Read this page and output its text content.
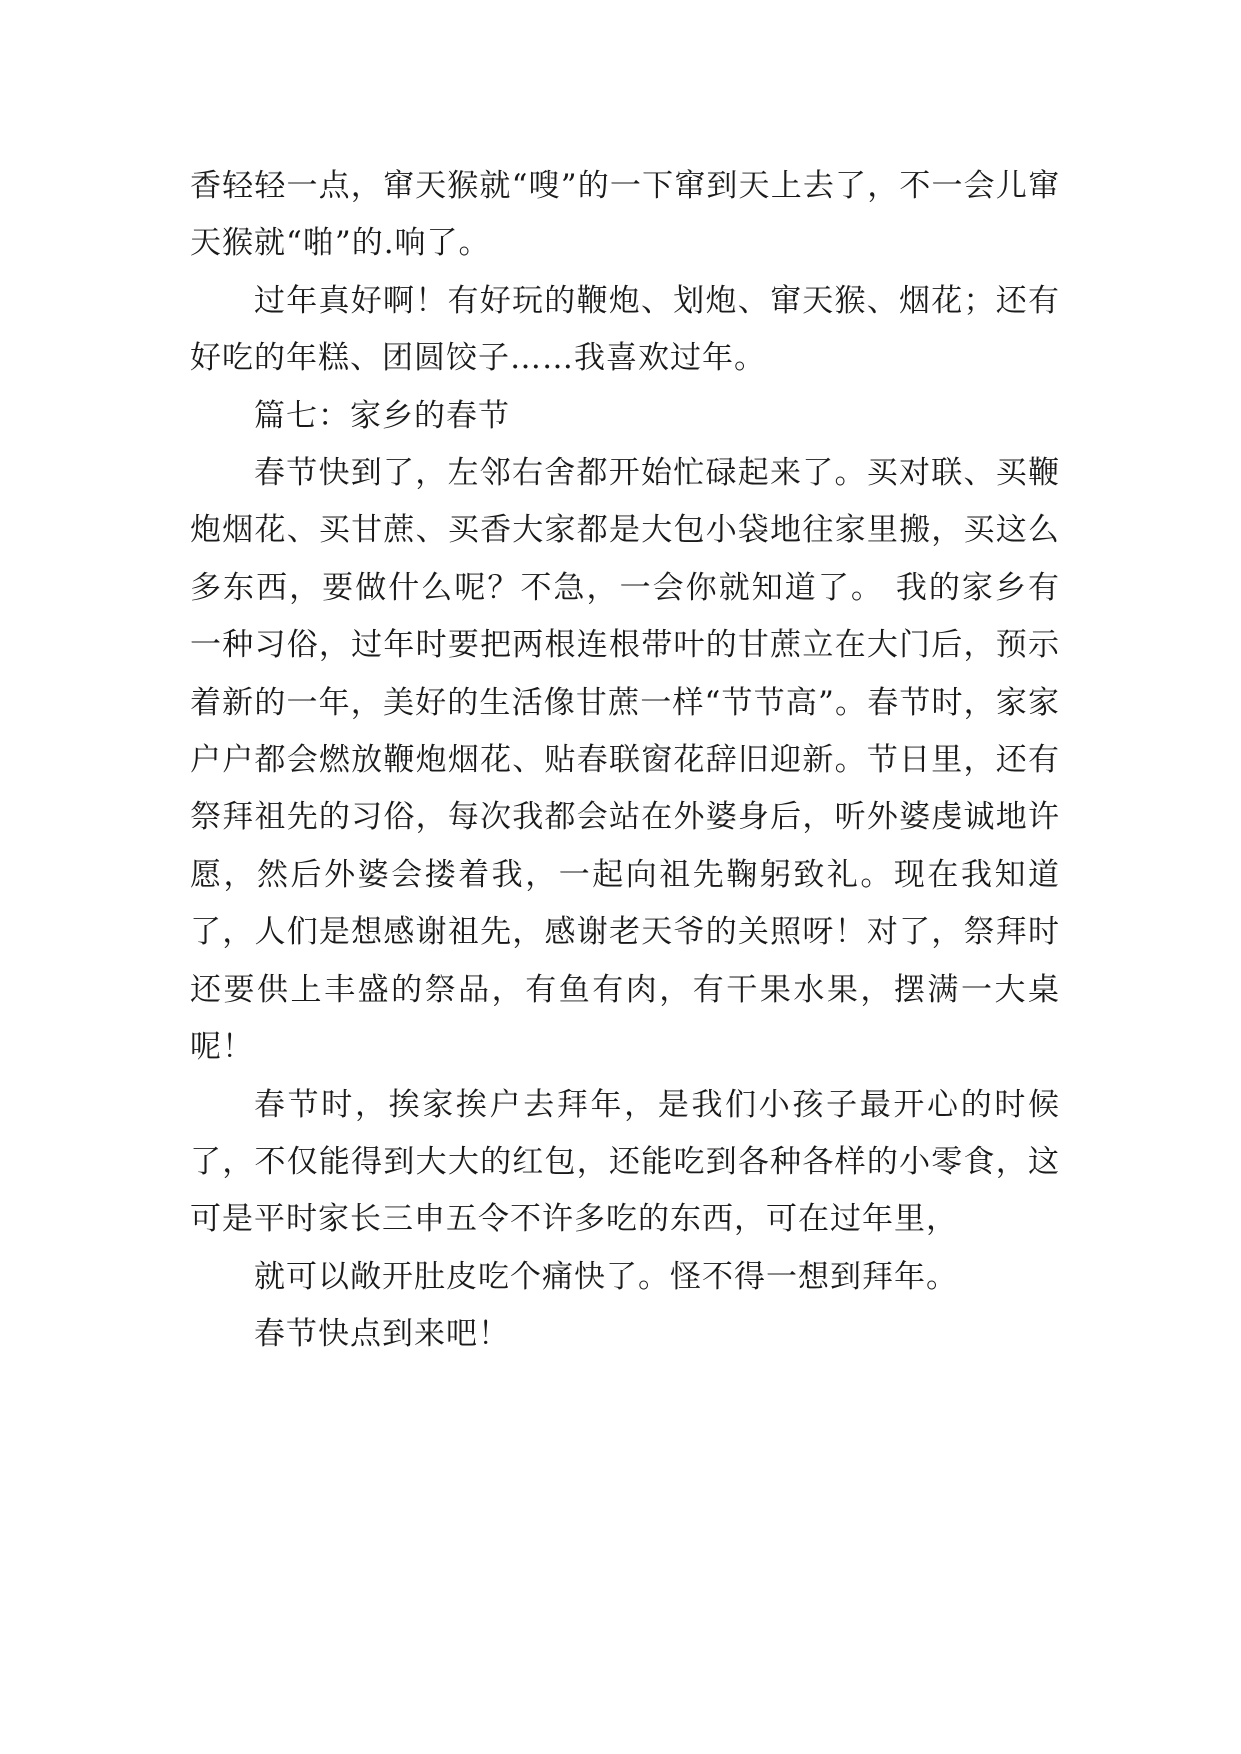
香轻轻一点，窜天猴就“嗖”的一下窜到天上去了，不一会儿窜天猴就“啪”的.响了。

过年真好啊！有好玩的鞭炮、划炮、窜天猴、烟花；还有好吃的年糕、团圆饺子……我喜欢过年。

篇七：家乡的春节

春节快到了，左邻右舍都开始忙碌起来了。买对联、买鞭炮烟花、买甘蔗、买香大家都是大包小袋地往家里搬，买这么多东西，要做什么呢？不急，一会你就知道了。 我的家乡有一种习俗，过年时要把两根连根带叶的甘蔗立在大门后，预示着新的一年，美好的生活像甘蔗一样“节节高”。春节时，家家户户都会燃放鞭炮烟花、贴春联窗花辞旧迎新。节日里，还有祭拜祖先的习俗，每次我都会站在外婆身后，听外婆虔诚地许愿，然后外婆会搂着我，一起向祖先鞠躬致礼。现在我知道了，人们是想感谢祖先，感谢老天爷的关照呀！对了，祭拜时还要供上丰盛的祭品，有鱼有肉，有干果水果，摆满一大桌呢！

春节时，挨家挨户去拜年，是我们小孩子最开心的时候了，不仅能得到大大的红包，还能吃到各种各样的小零食，这可是平时家长三申五令不许多吃的东西，可在过年里，

就可以敞开肚皮吃个痛快了。怪不得一想到拜年。

春节快点到来吧！
